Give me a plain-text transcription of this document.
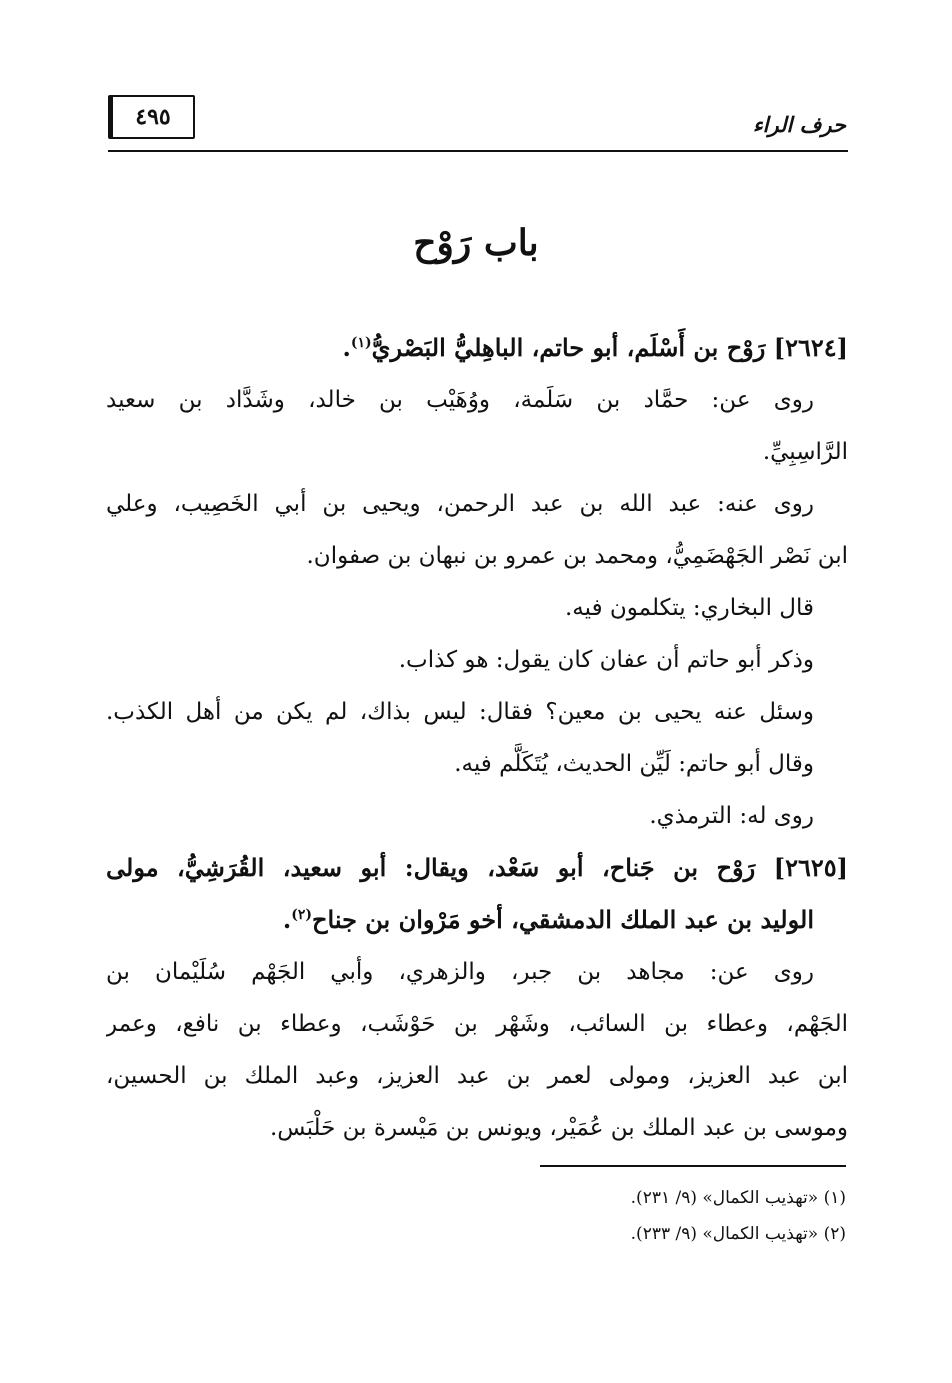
٤٩٥	حرف الراء
باب رَوْح
[٢٦٢٤] رَوْح بن أَسْلَم، أبو حاتم، الباهِليُّ البَصْريُّ$^{(١)}$.
روى عن: حمَّاد بن سَلَمة، ووُهَيْب بن خالد، وشَدَّاد بن سعيد
الرَّاسِبِيِّ.
روى عنه: عبد الله بن عبد الرحمن، ويحيى بن أبي الخَصِيب، وعلي
ابن نَصْر الجَهْضَمِيُّ، ومحمد بن عمرو بن نبهان بن صفوان.
قال البخاري: يتكلمون فيه.
وذكر أبو حاتم أن عفان كان يقول: هو كذاب.
وسئل عنه يحيى بن معين؟ فقال: ليس بذاك، لم يكن من أهل الكذب.
وقال أبو حاتم: لَيِّن الحديث، يُتَكَلَّم فيه.
روى له: الترمذي.
[٢٦٢٥] رَوْح بن جَناح، أبو سَعْد، ويقال: أبو سعيد، القُرَشِيُّ، مولى
الوليد بن عبد الملك الدمشقي، أخو مَرْوان بن جناح$^{(٢)}$.
روى عن: مجاهد بن جبر، والزهري، وأبي الجَهْم سُلَيْمان بن
الجَهْم، وعطاء بن السائب، وشَهْر بن حَوْشَب، وعطاء بن نافع، وعمر
ابن عبد العزيز، ومولى لعمر بن عبد العزيز، وعبد الملك بن الحسين،
وموسى بن عبد الملك بن عُمَيْر، ويونس بن مَيْسرة بن حَلْبَس.
(١) «تهذيب الكمال» (٩/ ٢٣١).
(٢) «تهذيب الكمال» (٩/ ٢٣٣).
